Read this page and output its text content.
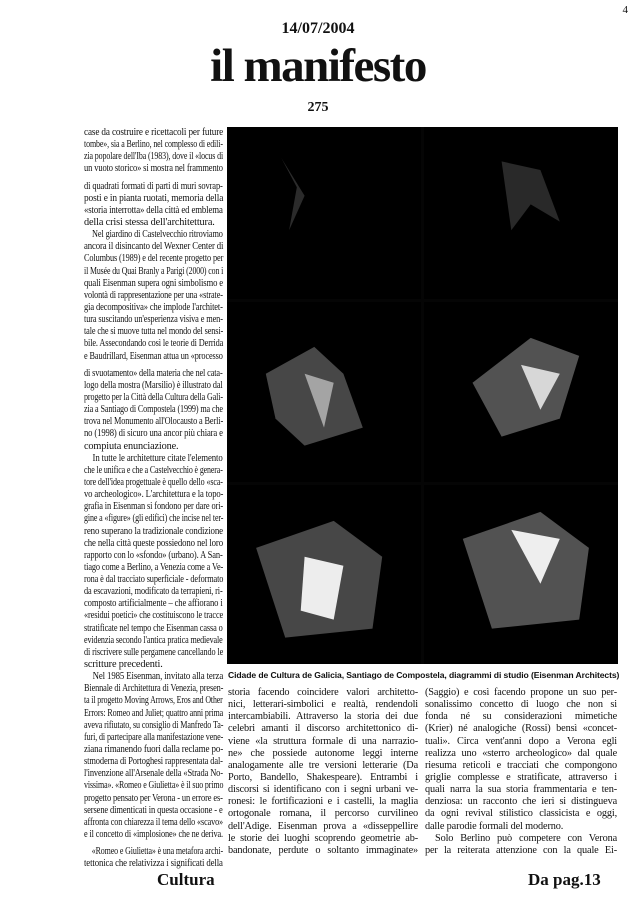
4
14/07/2004
il manifesto
275
case da costruire e ricettacoli per future
tombe», sia a Berlino, nel complesso di edili-
zia popolare dell'Iba (1983), dove il «locus di
un vuoto storico» si mostra nel frammento
di quadrati formati di parti di muri sovrap-
posti e in pianta ruotati, memoria della
«storia interrotta» della città ed emblema
della crisi stessa dell'architettura.
Nel giardino di Castelvecchio ritroviamo
ancora il disincanto del Wexner Center di
Columbus (1989) e del recente progetto per
il Musée du Quai Branly a Parigi (2000) con i
quali Eisenman supera ogni simbolismo e
volontà di rappresentazione per una «strate-
gia decompositiva» che implode l'architet-
tura suscitando un'esperienza visiva e men-
tale che si muove tutta nel mondo del sensi-
bile. Assecondando così le teorie di Derrida
e Baudrillard, Eisenman attua un «processo
di svuotamento» della materia che nel cata-
logo della mostra (Marsilio) è illustrato dal
progetto per la Città della Cultura della Gali-
zia a Santiago di Compostela (1999) ma che
trova nel Monumento all'Olocausto a Berli-
no (1998) di sicuro una ancor più chiara e
compiuta enunciazione.
In tutte le architetture citate l'elemento
che le unifica e che a Castelvecchio è genera-
tore dell'idea progettuale è quello dello «sca-
vo archeologico». L'architettura e la topo-
grafia in Eisenman si fondono per dare ori-
gine a «figure» (gli edifici) che incise nel ter-
reno superano la tradizionale condizione
che nella città queste possiedono nel loro
rapporto con lo «sfondo» (urbano). A San-
tiago come a Berlino, a Venezia come a Ve-
rona è dal tracciato superficiale - deformato
da escavazioni, modificato da terrapieni, ri-
composto artificialmente – che affiorano i
«residui poetici» che costituiscono le tracce
stratificate nel tempo che Eisenman cassa o
evidenzia secondo l'antica pratica medievale
di riscrivere sulle pergamene cancellando le
scritture precedenti.
Nel 1985 Eisenman, invitato alla terza
Biennale di Architettura di Venezia, presen-
ta il progetto Moving Arrows, Eros and Other
Errors: Romeo and Juliet; quattro anni prima
aveva rifiutato, su consiglio di Manfredo Ta-
furi, di partecipare alla manifestazione vene-
ziana rimanendo fuori dalla reclame po-
stmoderna di Portoghesi rappresentata dal-
l'invenzione all'Arsenale della «Strada No-
vissima». «Romeo e Giulietta» è il suo primo
progetto pensato per Verona - un errore es-
sersene dimenticati in questa occasione - e
affronta con chiarezza il tema dello «scavo»
e il concetto di «implosione» che ne deriva.
«Romeo e Giulietta» è una metafora archi-
tettonica che relativizza i significati della
Cidade de Cultura de Galicia, Santiago de Compostela, diagrammi di studio (Eisenman Architects)
storia facendo coincidere valori architetto-
nici, letterari-simbolici e realtà, rendendoli
intercambiabili. Attraverso la storia dei due
celebri amanti il discorso architettonico di-
viene «la struttura formale di una narrazio-
ne» che possiede autonome leggi interne
analogamente alle tre versioni letterarie (Da
Porto, Bandello, Shakespeare). Entrambi i
discorsi si identificano con i segni urbani ve-
ronesi: le fortificazioni e i castelli, la maglia
ortogonale romana, il percorso curvilineo
dell'Adige. Eisenman prova a «disseppellire
le storie dei luoghi scoprendo geometrie ab-
bandonate, perdute o soltanto immaginate»
(Saggio) e così facendo propone un suo per-
sonalissimo concetto di luogo che non si
fonda né su considerazioni mimetiche
(Krier) né analogiche (Rossi) bensì «concet-
tuali». Circa vent'anni dopo a Verona egli
realizza uno «sterro archeologico» dal quale
riesuma reticoli e tracciati che compongono
griglie complesse e stratificate, attraverso i
quali narra la sua storia frammentaria e ten-
denziosa: un racconto che ieri si distingueva
da ogni revival stilistico classicista e oggi,
dalle parodie formali del moderno.
Solo Berlino può competere con Verona
per la reiterata attenzione con la quale Ei-
Cultura	Da pag.13
